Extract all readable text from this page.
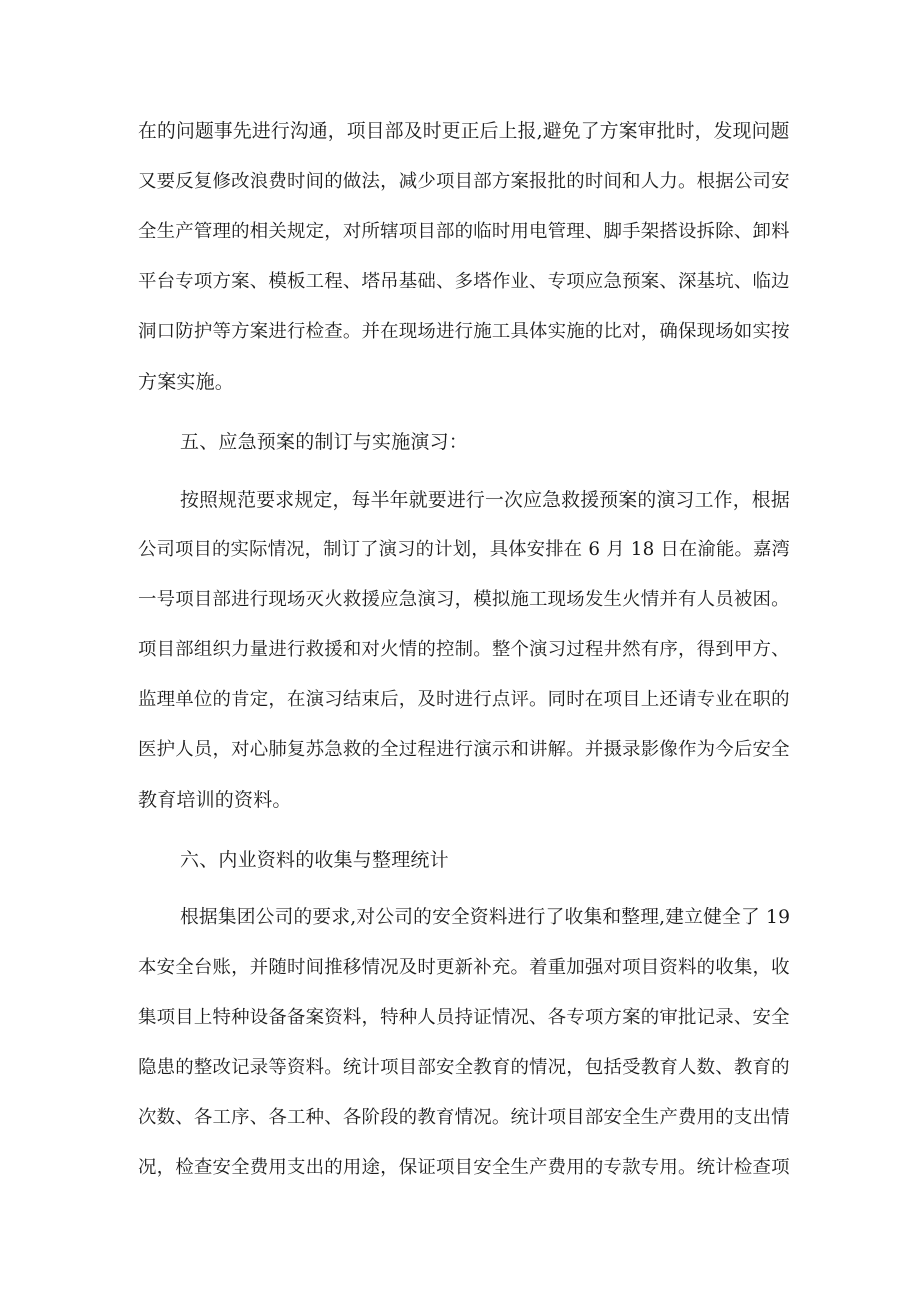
在的问题事先进行沟通，项目部及时更正后上报,避免了方案审批时，发现问题
又要反复修改浪费时间的做法，减少项目部方案报批的时间和人力。根据公司安
全生产管理的相关规定，对所辖项目部的临时用电管理、脚手架搭设拆除、卸料
平台专项方案、模板工程、塔吊基础、多塔作业、专项应急预案、深基坑、临边
洞口防护等方案进行检查。并在现场进行施工具体实施的比对，确保现场如实按
方案实施。
五、应急预案的制订与实施演习：
按照规范要求规定，每半年就要进行一次应急救援预案的演习工作，根据
公司项目的实际情况，制订了演习的计划，具体安排在 6 月 18 日在渝能。嘉湾
一号项目部进行现场灭火救援应急演习，模拟施工现场发生火情并有人员被困。
项目部组织力量进行救援和对火情的控制。整个演习过程井然有序，得到甲方、
监理单位的肯定，在演习结束后，及时进行点评。同时在项目上还请专业在职的
医护人员，对心肺复苏急救的全过程进行演示和讲解。并摄录影像作为今后安全
教育培训的资料。
六、内业资料的收集与整理统计
根据集团公司的要求,对公司的安全资料进行了收集和整理,建立健全了 19
本安全台账，并随时间推移情况及时更新补充。着重加强对项目资料的收集，收
集项目上特种设备备案资料，特种人员持证情况、各专项方案的审批记录、安全
隐患的整改记录等资料。统计项目部安全教育的情况，包括受教育人数、教育的
次数、各工序、各工种、各阶段的教育情况。统计项目部安全生产费用的支出情
况，检查安全费用支出的用途，保证项目安全生产费用的专款专用。统计检查项
